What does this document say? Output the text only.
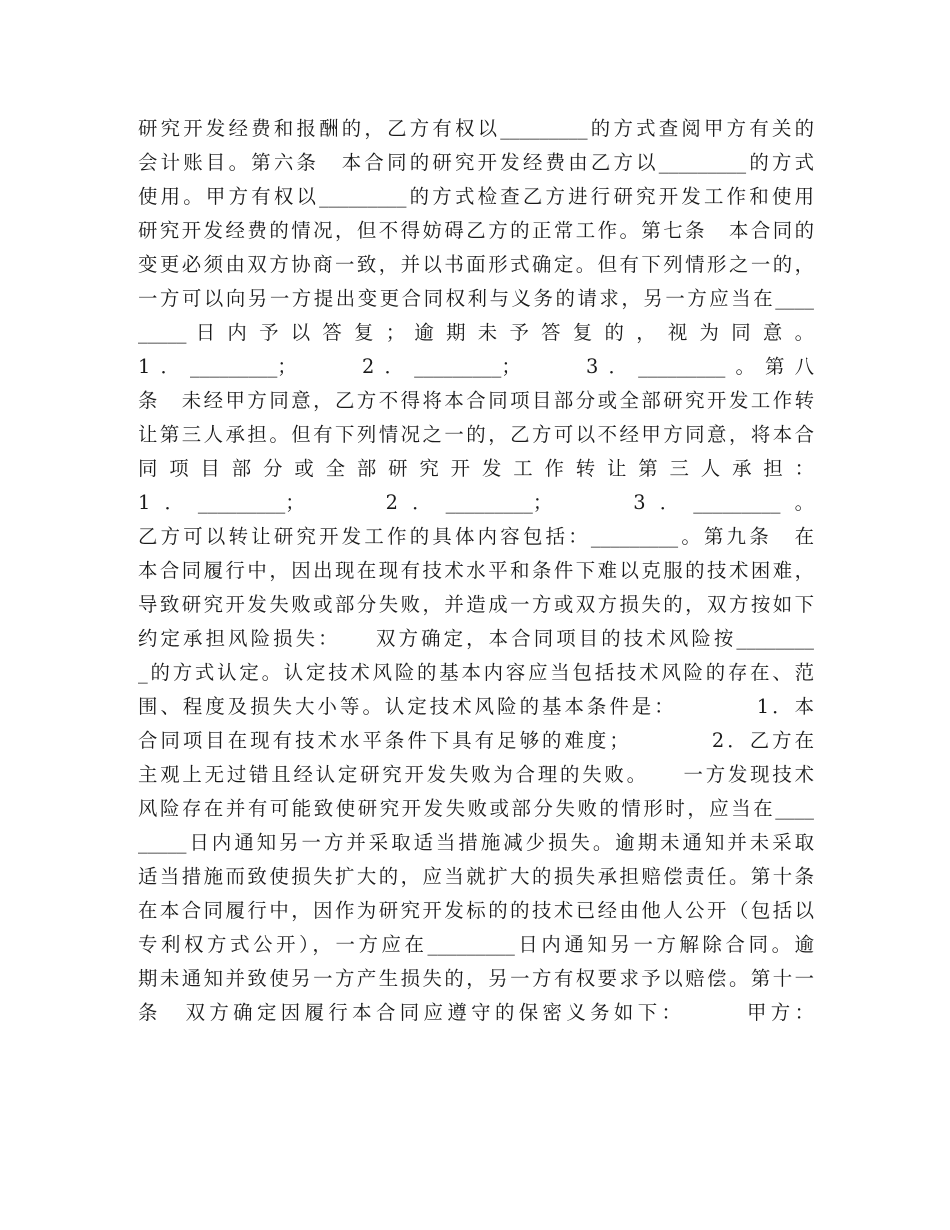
研究开发经费和报酬的，乙方有权以_________的方式查阅甲方有关的
会计账目。第六条　本合同的研究开发经费由乙方以_________的方式
使用。甲方有权以_________的方式检查乙方进行研究开发工作和使用
研究开发经费的情况，但不得妨碍乙方的正常工作。第七条　本合同的
变更必须由双方协商一致，并以书面形式确定。但有下列情形之一的，
一方可以向另一方提出变更合同权利与义务的请求，另一方应当在____
_____ 日 内 予 以 答 复 ； 逾 期 未 予 答 复 的 ， 视 为 同 意 。
1．_________；    2．_________；    3．_________。第八
条　未经甲方同意，乙方不得将本合同项目部分或全部研究开发工作转
让第三人承担。但有下列情况之一的，乙方可以不经甲方同意，将本合
同 项 目 部 分 或 全 部 研 究 开 发 工 作 转 让 第 三 人 承 担 ：
1．_________；    2．_________；    3．_________。
乙方可以转让研究开发工作的具体内容包括：_________。第九条　在
本合同履行中，因出现在现有技术水平和条件下难以克服的技术困难，
导致研究开发失败或部分失败，并造成一方或双方损失的，双方按如下
约定承担风险损失：　　双方确定，本合同项目的技术风险按________
_的方式认定。认定技术风险的基本内容应当包括技术风险的存在、范
围、程度及损失大小等。认定技术风险的基本条件是：　　　　1．本
合同项目在现有技术水平条件下具有足够的难度；　　　　2．乙方在
主观上无过错且经认定研究开发失败为合理的失败。　　一方发现技术
风险存在并有可能致使研究开发失败或部分失败的情形时，应当在____
_____日内通知另一方并采取适当措施减少损失。逾期未通知并未采取
适当措施而致使损失扩大的，应当就扩大的损失承担赔偿责任。第十条
在本合同履行中，因作为研究开发标的的技术已经由他人公开（包括以
专利权方式公开），一方应在_________日内通知另一方解除合同。逾
期未通知并致使另一方产生损失的，另一方有权要求予以赔偿。第十一
条　双方确定因履行本合同应遵守的保密义务如下：　　　甲方：
